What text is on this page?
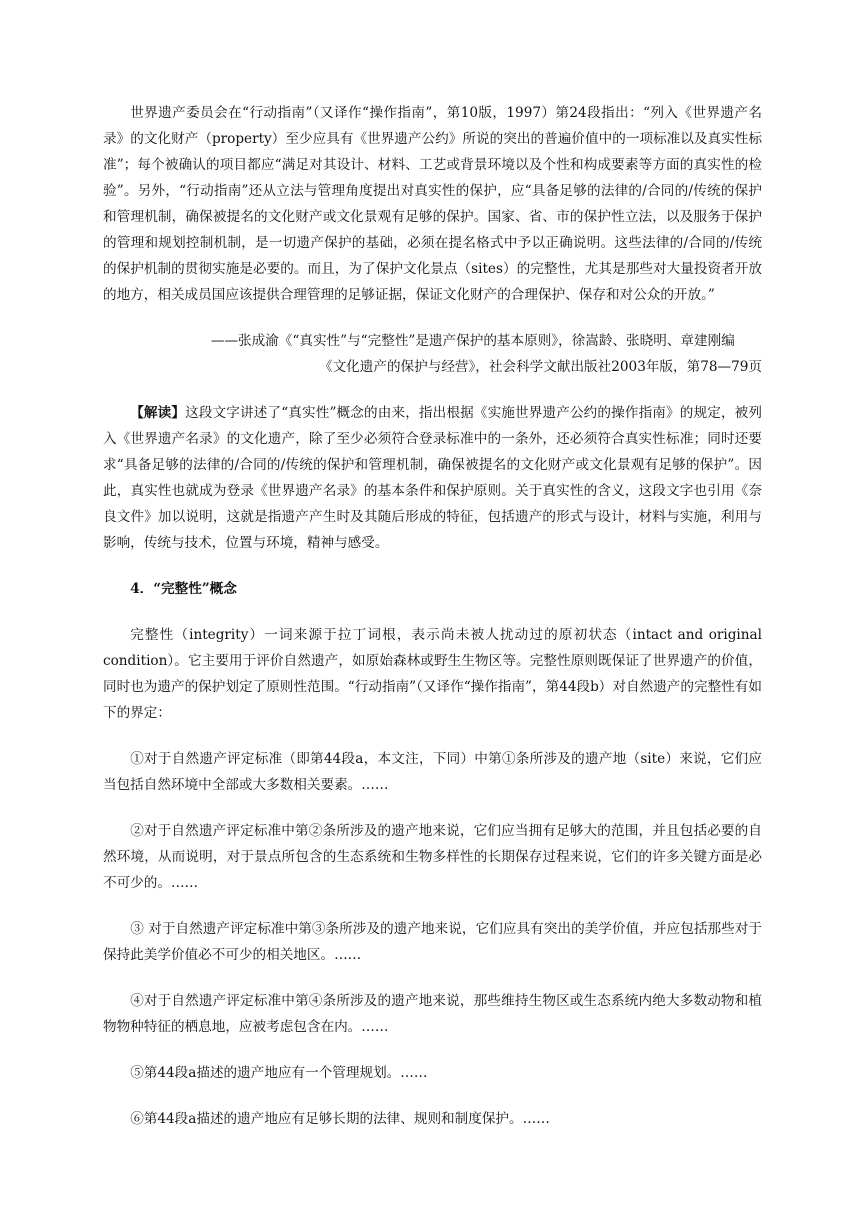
世界遗产委员会在“行动指南”（又译作“操作指南”，第10版，1997）第24段指出：“列入《世界遗产名录》的文化财产（property）至少应具有《世界遗产公约》所说的突出的普遍价值中的一项标准以及真实性标准”；每个被确认的项目都应“满足对其设计、材料、工艺或背景环境以及个性和构成要素等方面的真实性的检验”。另外，“行动指南”还从立法与管理角度提出对真实性的保护，应“具备足够的法律的/合同的/传统的保护和管理机制，确保被提名的文化财产或文化景观有足够的保护。国家、省、市的保护性立法，以及服务于保护的管理和规划控制机制，是一切遗产保护的基础，必须在提名格式中予以正确说明。这些法律的/合同的/传统的保护机制的贯彻实施是必要的。而且，为了保护文化景点（sites）的完整性，尤其是那些对大量投资者开放的地方，相关成员国应该提供合理管理的足够证据，保证文化财产的合理保护、保存和对公众的开放。”

——张成渝《“真实性”与“完整性”是遗产保护的基本原则》，徐嵩龄、张晓明、章建刚编
《文化遗产的保护与经营》，社会科学文献出版社2003年版，第78—79页

【解读】这段文字讲述了“真实性”概念的由来，指出根据《实施世界遗产公约的操作指南》的规定，被列入《世界遗产名录》的文化遗产，除了至少必须符合登录标准中的一条外，还必须符合真实性标准；同时还要求“具备足够的法律的/合同的/传统的保护和管理机制，确保被提名的文化财产或文化景观有足够的保护”。因此，真实性也就成为登录《世界遗产名录》的基本条件和保护原则。关于真实性的含义，这段文字也引用《奈良文件》加以说明，这就是指遗产产生时及其随后形成的特征，包括遗产的形式与设计，材料与实施，利用与影响，传统与技术，位置与环境，精神与感受。

4．“完整性”概念

完整性（integrity）一词来源于拉丁词根，表示尚未被人扰动过的原初状态（intact and original condition）。它主要用于评价自然遗产，如原始森林或野生生物区等。完整性原则既保证了世界遗产的价值，同时也为遗产的保护划定了原则性范围。“行动指南”（又译作“操作指南”，第44段b）对自然遗产的完整性有如下的界定：

①对于自然遗产评定标准（即第44段a，本文注，下同）中第①条所涉及的遗产地（site）来说，它们应当包括自然环境中全部或大多数相关要素。……

②对于自然遗产评定标准中第②条所涉及的遗产地来说，它们应当拥有足够大的范围，并且包括必要的自然环境，从而说明，对于景点所包含的生态系统和生物多样性的长期保存过程来说，它们的许多关键方面是必不可少的。……

③ 对于自然遗产评定标准中第③条所涉及的遗产地来说，它们应具有突出的美学价值，并应包括那些对于保持此美学价值必不可少的相关地区。……

④对于自然遗产评定标准中第④条所涉及的遗产地来说，那些维持生物区或生态系统内绝大多数动物和植物物种特征的栖息地，应被考虑包含在内。……

⑤第44段a描述的遗产地应有一个管理规划。……

⑥第44段a描述的遗产地应有足够长期的法律、规则和制度保护。……
